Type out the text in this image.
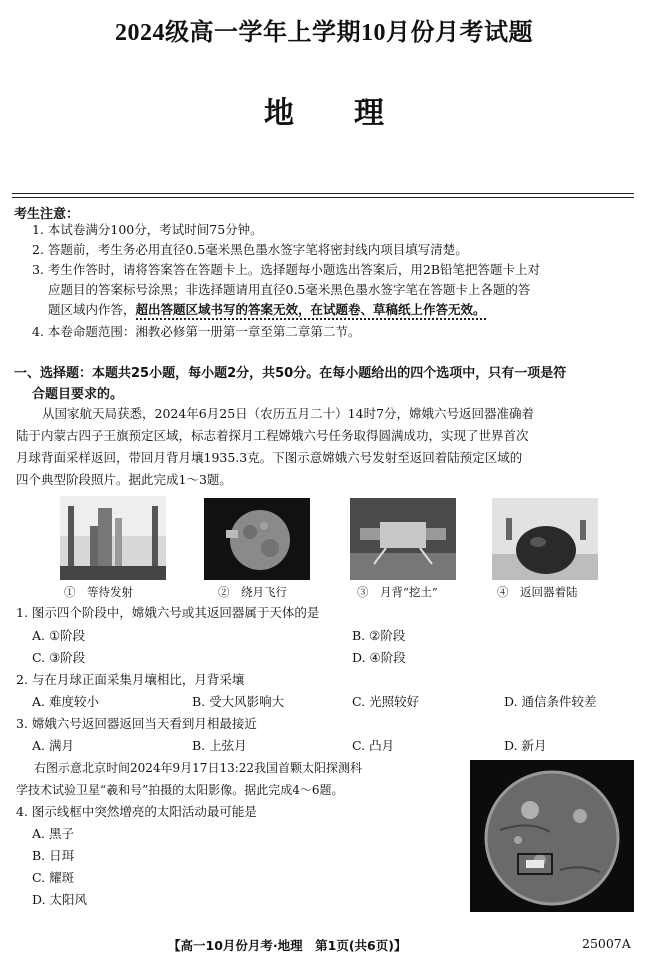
2024级高一学年上学期10月份月考试题
地理
考生注意：
1. 本试卷满分100分，考试时间75分钟。
2. 答题前，考生务必用直径0.5毫米黑色墨水签字笔将密封线内项目填写清楚。
3. 考生作答时，请将答案答在答题卡上。选择题每小题选出答案后，用2B铅笔把答题卡上对
应题目的答案标号涂黑；非选择题请用直径0.5毫米黑色墨水签字笔在答题卡上各题的答
题区域内作答，超出答题区域书写的答案无效，在试题卷、草稿纸上作答无效。
4. 本卷命题范围：湘教必修第一册第一章至第二章第二节。
一、选择题：本题共25小题，每小题2分，共50分。在每小题给出的四个选项中，只有一项是符
合题目要求的。
从国家航天局获悉，2024年6月25日（农历五月二十）14时7分，嫦娥六号返回器准确着
陆于内蒙古四子王旗预定区域，标志着探月工程嫦娥六号任务取得圆满成功，实现了世界首次
月球背面采样返回，带回月背月壤1935.3克。下图示意嫦娥六号发射至返回着陆预定区域的
四个典型阶段照片。据此完成1～3题。
①　等待发射	②　绕月飞行	③　月背“挖土”	④　返回器着陆
1. 图示四个阶段中，嫦娥六号或其返回器属于天体的是
A. ①阶段	B. ②阶段
C. ③阶段	D. ④阶段
2. 与在月球正面采集月壤相比，月背采壤
A. 难度较小	B. 受大风影响大	C. 光照较好	D. 通信条件较差
3. 嫦娥六号返回器返回当天看到月相最接近
A. 满月	B. 上弦月	C. 凸月	D. 新月
右图示意北京时间2024年9月17日13:22我国首颗太阳探测科
学技术试验卫星“羲和号”拍摄的太阳影像。据此完成4～6题。
4. 图示线框中突然增亮的太阳活动最可能是
A. 黑子
B. 日珥
C. 耀斑
D. 太阳风
【高一10月份月考·地理　第1页(共6页)】	25007A
